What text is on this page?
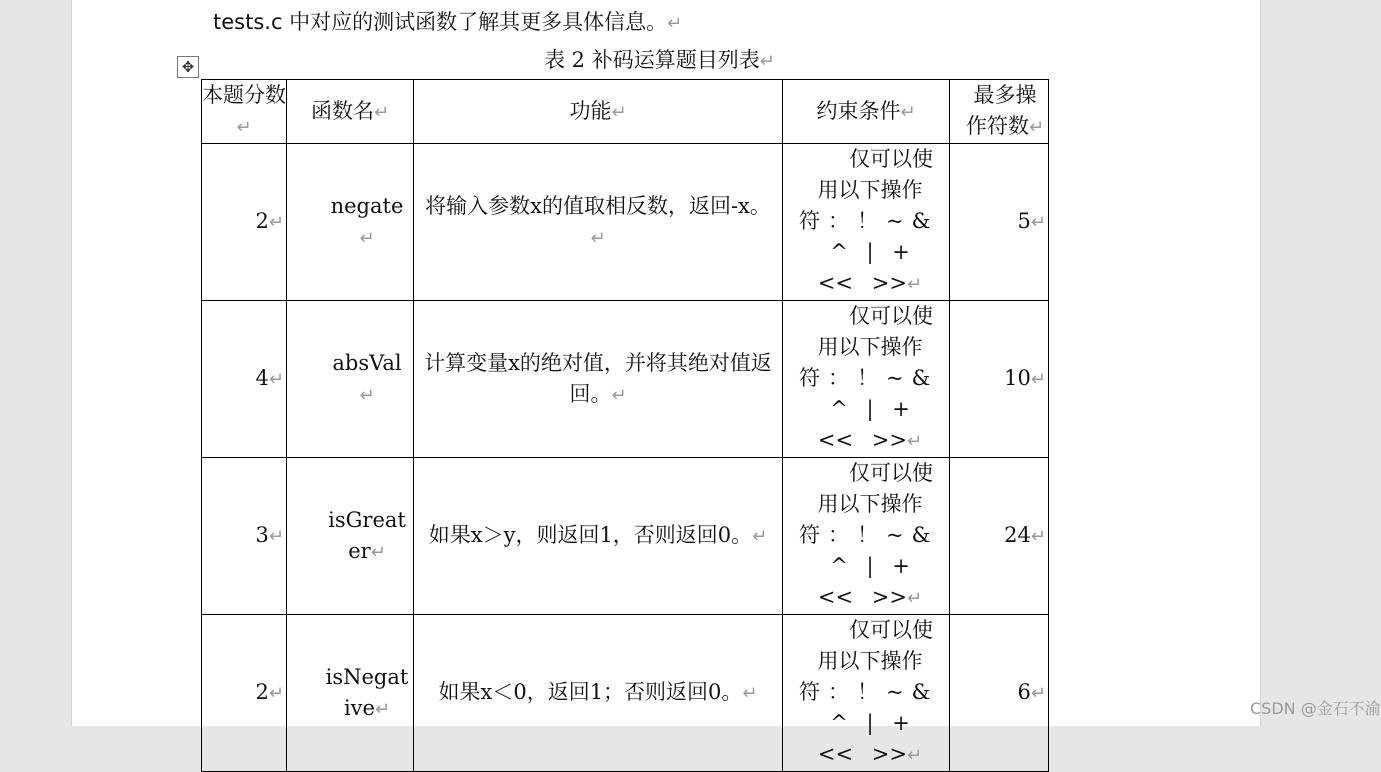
tests.c 中对应的测试函数了解其更多具体信息。↵
表 2 补码运算题目列表↵
✥
本题分数↵	函数名↵	功能↵	约束条件↵	最多操作符数↵
2↵	negate↵	将输入参数x的值取相反数，返回-x。↵	仅可以使
用以下操作
符：！~&
^ | +
<< >>↵	5↵
4↵	absVal↵	计算变量x的绝对值，并将其绝对值返回。↵	仅可以使
用以下操作
符：！~&
^ | +
<< >>↵	10↵
3↵	isGreater↵	如果x＞y，则返回1，否则返回0。↵	仅可以使
用以下操作
符：！~&
^ | +
<< >>↵	24↵
2↵	isNegative↵	如果x＜0，返回1；否则返回0。↵	仅可以使
用以下操作
符：！~&
^ | +
<< >>↵	6↵
CSDN @金石不渝
